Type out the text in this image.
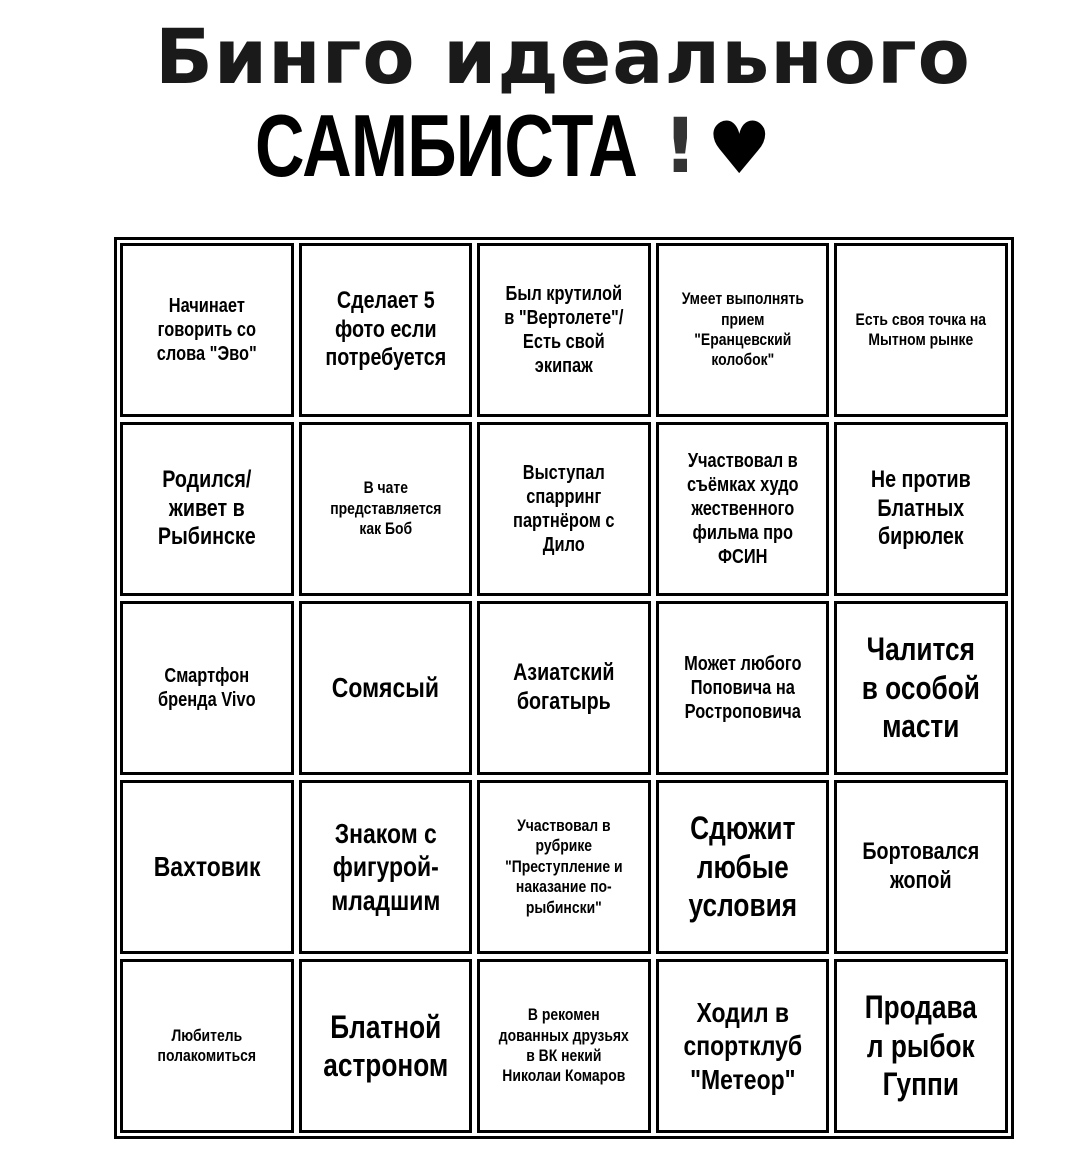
Бинго идеального
САМБИСТА ! ♥
Начинает говорить со слова "Эво"
Сделает 5 фото если потребуется
Был крутилой в "Вертолете"/ Есть свой экипаж
Умеет выполнять прием "Еранцевский колобок"
Есть своя точка на Мытном рынке
Родился/ живет в Рыбинске
В чате представляется как Боб
Выступал спарринг партнёром с Дило
Участвовал в съёмках худо жественного фильма про ФСИН
Не против Блатных бирюлек
Смартфон бренда Vivo	Сомясый	Азиатский богатырь
Может любого Поповича на Ростроповича
Чалится в особой масти
Вахтовик
Знаком с фигурой-младшим
Участвовал в рубрике "Преступление и наказание по-рыбински"
Сдюжит любые условия
Бортовался жопой
Любитель полакомиться
Блатной астроном
В рекомен дованных друзьях в ВК некий Николаи Комаров
Ходил в спортклуб "Метеор"
Продава л рыбок Гуппи
